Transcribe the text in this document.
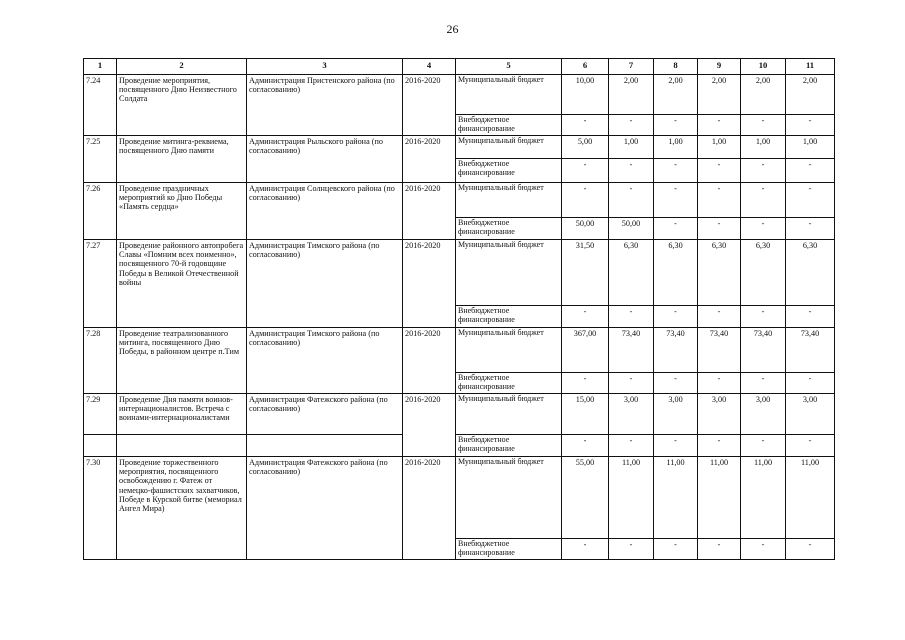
26
1	2	3	4	5	6	7	8	9	10	11
7.24	Проведение мероприятия, посвященного Дню Неизвестного Солдата	Администрация Пристенского района (по согласованию)	2016-2020	Муниципальный бюджет	10,00	2,00	2,00	2,00	2,00	2,00
				Внебюджетное финансирование	-	-	-	-	-	-
7.25	Проведение митинга-реквиема, посвященного Дню памяти	Администрация Рыльского района (по согласованию)	2016-2020	Муниципальный бюджет	5,00	1,00	1,00	1,00	1,00	1,00
				Внебюджетное финансирование	-	-	-	-	-	-
7.26	Проведение праздничных мероприятий ко Дню Победы «Память сердца»	Администрация Солнцевского района (по согласованию)	2016-2020	Муниципальный бюджет	-	-	-	-	-	-
				Внебюджетное финансирование	50,00	50,00	-	-	-	-
7.27	Проведение районного автопробега Славы «Помним всех поименно», посвященного 70-й годовщине Победы в Великой Отечественной войны	Администрация Тимского района (по согласованию)	2016-2020	Муниципальный бюджет	31,50	6,30	6,30	6,30	6,30	6,30
				Внебюджетное финансирование	-	-	-	-	-	-
7.28	Проведение театрализованного митинга, посвященного Дню Победы, в районном центре п.Тим	Администрация Тимского района (по согласованию)	2016-2020	Муниципальный бюджет	367,00	73,40	73,40	73,40	73,40	73,40
				Внебюджетное финансирование	-	-	-	-	-	-
7.29	Проведение Дня памяти воинов-интернационалистов. Встреча с воинами-интернационалистами	Администрация Фатежского района (по согласованию)	2016-2020	Муниципальный бюджет	15,00	3,00	3,00	3,00	3,00	3,00
				Внебюджетное финансирование	-	-	-	-	-	-
7.30	Проведение торжественного мероприятия, посвященного освобождению г. Фатеж от немецко-фашистских захватчиков, Победе в Курской битве (мемориал Ангел Мира)	Администрация Фатежского района (по согласованию)	2016-2020	Муниципальный бюджет	55,00	11,00	11,00	11,00	11,00	11,00
				Внебюджетное финансирование	-	-	-	-	-	-
